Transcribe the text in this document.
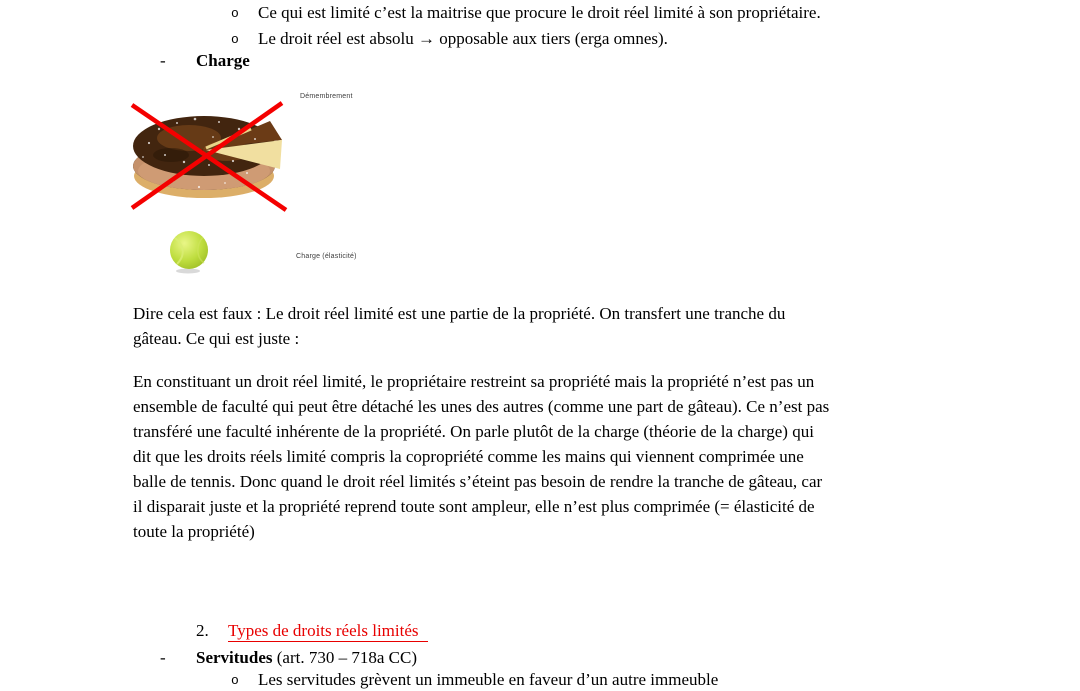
o Ce qui est limité c’est la maitrise que procure le droit réel limité à son propriétaire.
o Le droit réel est absolu → opposable aux tiers (erga omnes).
- Charge
Démembrement
Charge (élasticité)
Dire cela est faux : Le droit réel limité est une partie de la propriété. On transfert une tranche du
gâteau. Ce qui est juste :
En constituant un droit réel limité, le propriétaire restreint sa propriété mais la propriété n’est pas un
ensemble de faculté qui peut être détaché les unes des autres (comme une part de gâteau). Ce n’est pas
transféré une faculté inhérente de la propriété. On parle plutôt de la charge (théorie de la charge) qui
dit que les droits réels limité compris la copropriété comme les mains qui viennent comprimée une
balle de tennis. Donc quand le droit réel limités s’éteint pas besoin de rendre la tranche de gâteau, car
il disparait juste et la propriété reprend toute sont ampleur, elle n’est plus comprimée (= élasticité de
toute la propriété)
2. Types de droits réels limités
- Servitudes (art. 730 – 718a CC)
o Les servitudes grèvent un immeuble en faveur d’un autre immeuble
